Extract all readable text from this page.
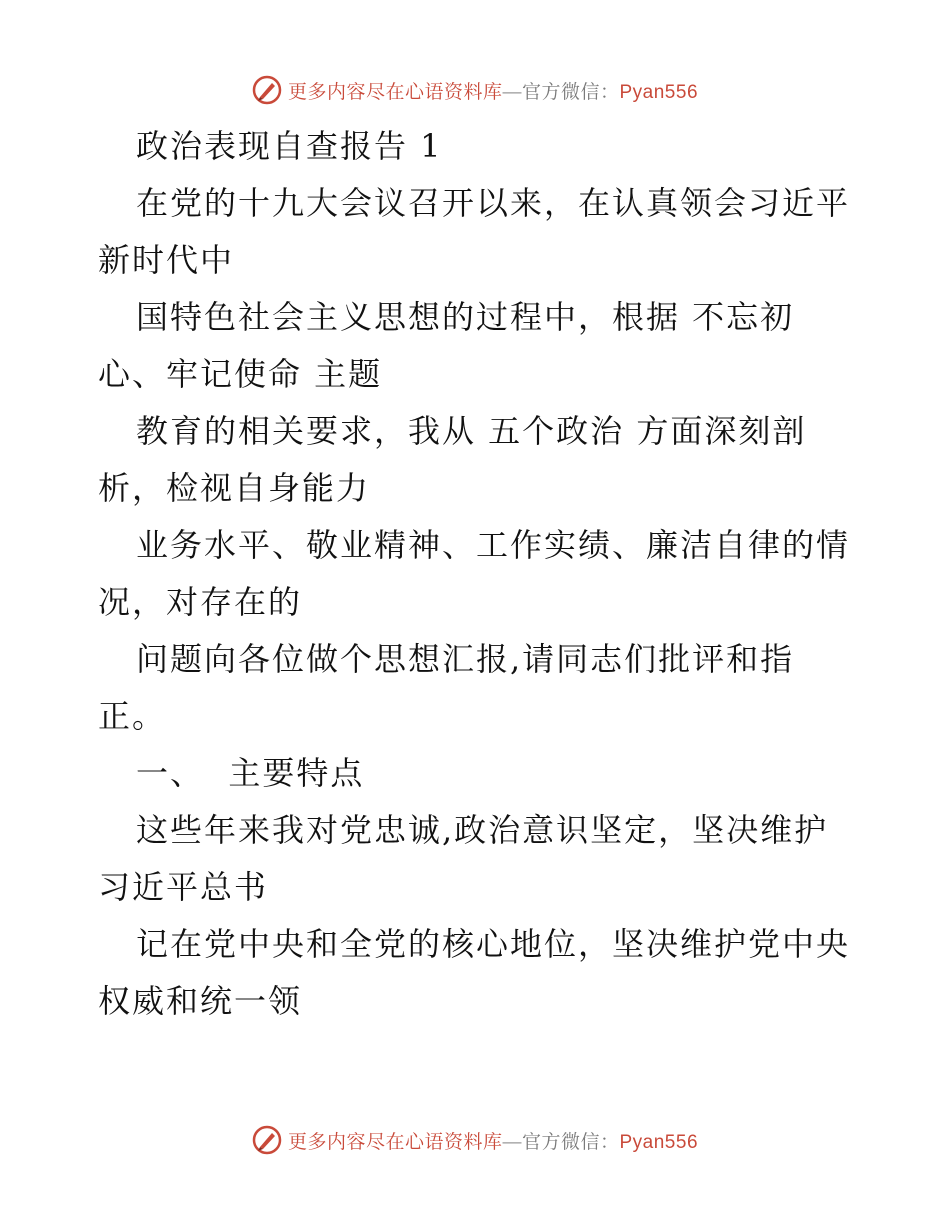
更多内容尽在心语资料库—官方微信：Pyan556
政治表现自查报告 1
在党的十九大会议召开以来，在认真领会习近平
新时代中
国特色社会主义思想的过程中，根据 不忘初
心、牢记使命 主题
教育的相关要求，我从 五个政治 方面深刻剖
析，检视自身能力
业务水平、敬业精神、工作实绩、廉洁自律的情
况，对存在的
问题向各位做个思想汇报,请同志们批评和指
正。
一、  主要特点
这些年来我对党忠诚,政治意识坚定，坚决维护
习近平总书
记在党中央和全党的核心地位，坚决维护党中央
权威和统一领
更多内容尽在心语资料库—官方微信：Pyan556
